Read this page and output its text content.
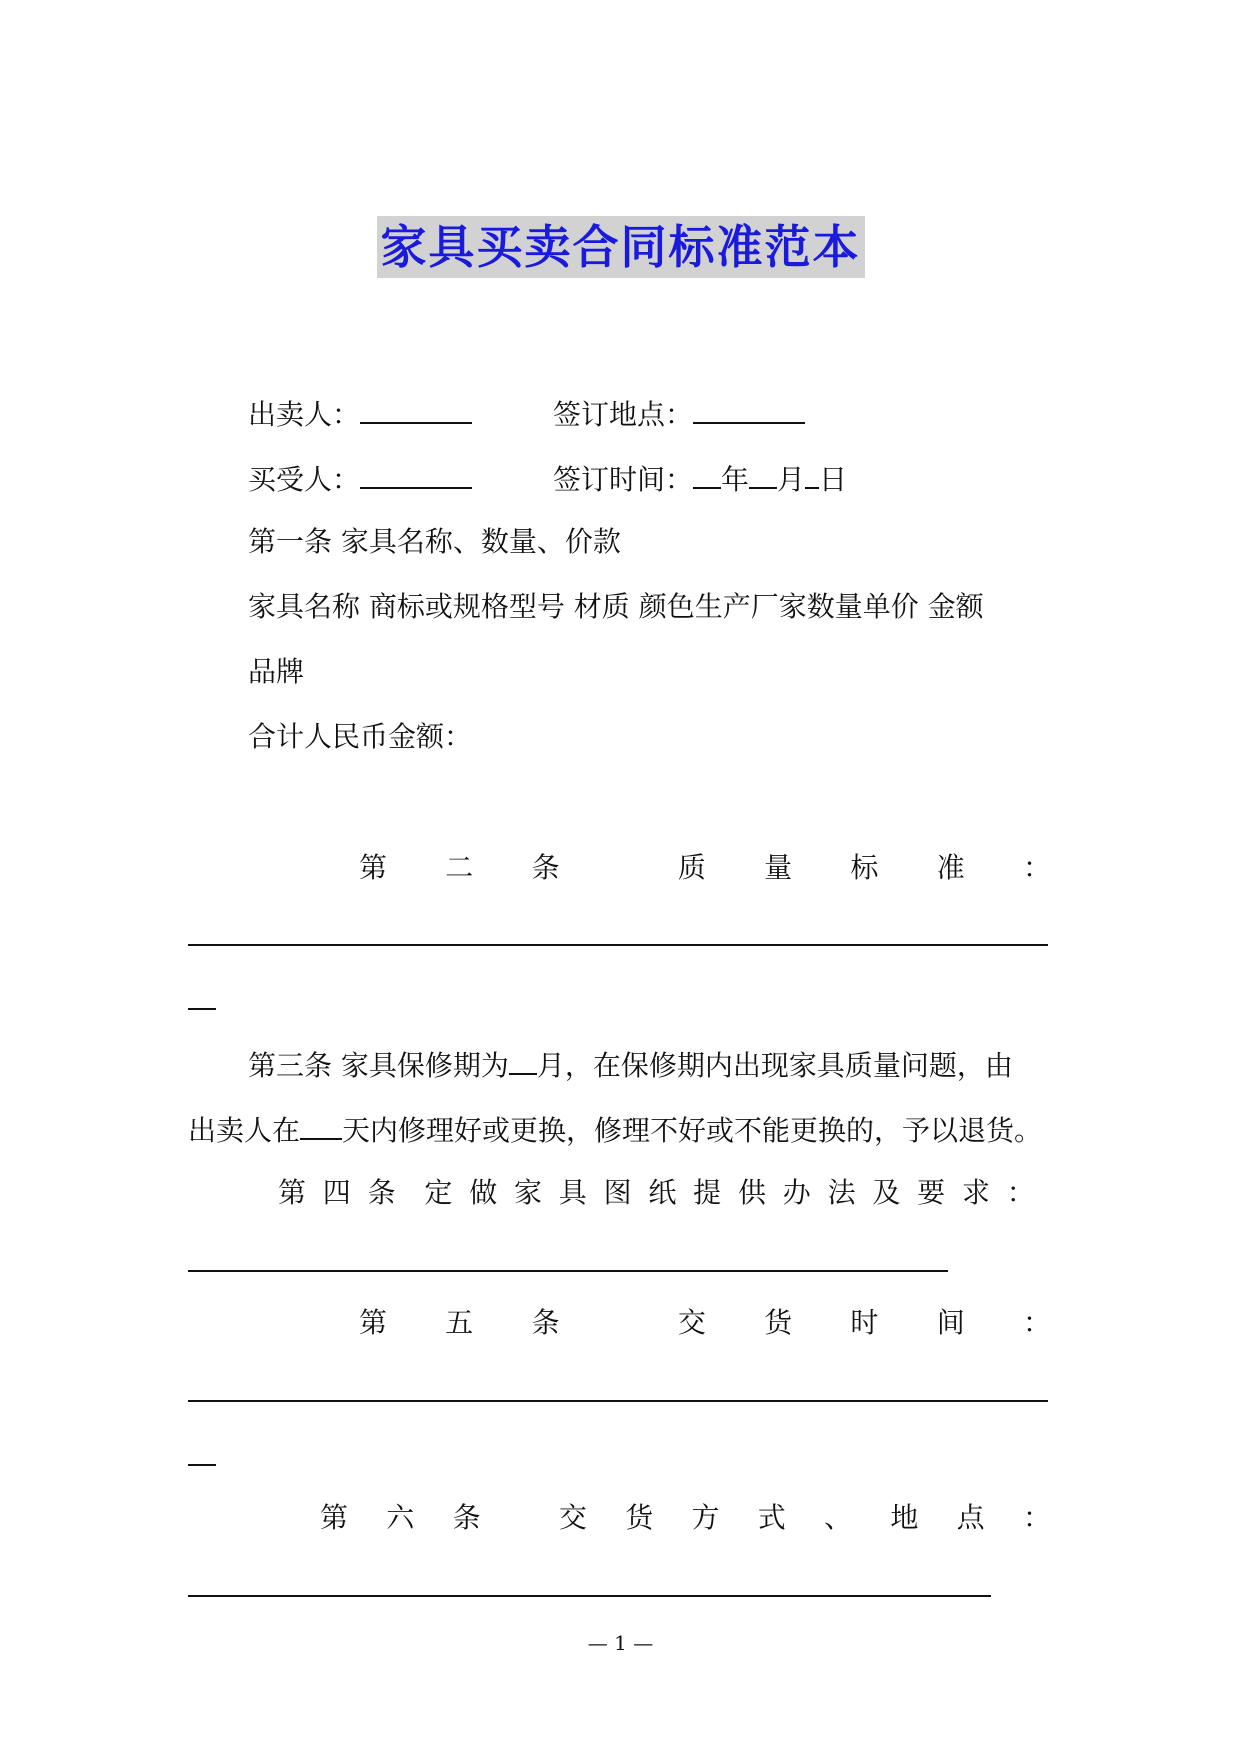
家具买卖合同标准范本
出卖人：	签订地点：
买受人：	签订时间： 年 月 日
第一条 家具名称、数量、价款
家具名称 商标或规格型号 材质 颜色生产厂家数量单价 金额
品牌
合计人民币金额：
第 二 条	质 量 标 准 ：
第三条 家具保修期为 月，在保修期内出现家具质量问题，由
出卖人在 天内修理好或更换，修理不好或不能更换的，予以退货。
第 四 条 定 做 家 具 图 纸 提 供 办 法 及 要 求 ：
第 五 条	交 货 时 间 ：
第 六 条	交 货 方 式 、 地 点 ：
— 1 —
